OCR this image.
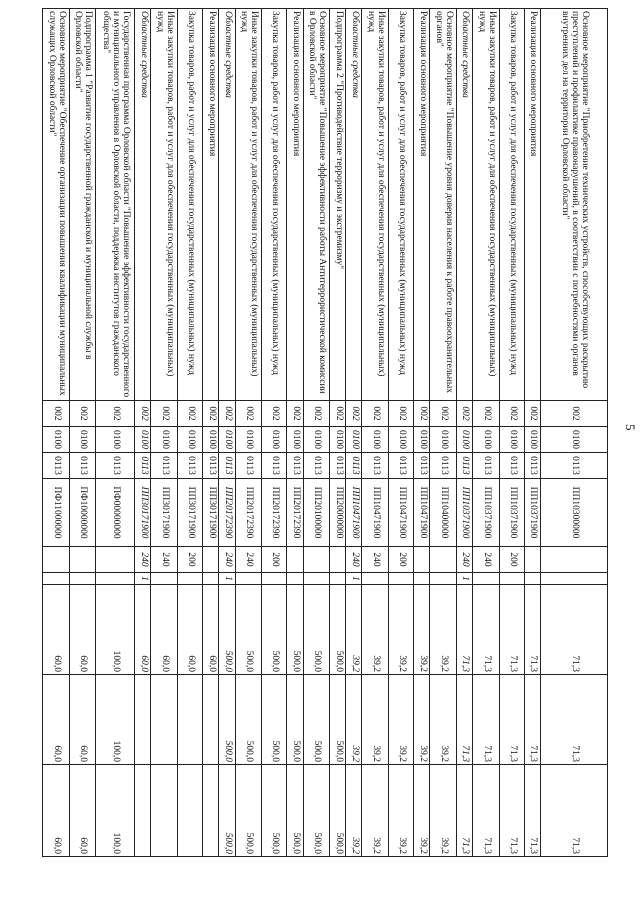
5
Основное мероприятие "Приобретение технических устройств, способствующих раскрытию преступлений и профилактике правонарушений, в соответствии с потребностями органов внутренних дел на территории Орловской области"	002	0100	0113	ПП10300000			71,3	71,3	71,3
Реализация основного мероприятия	002	0100	0113	ПП10371900			71,3	71,3	71,3
Закупка товаров, работ и услуг для обеспечения государственных (муниципальных) нужд	002	0100	0113	ПП10371900	200		71,3	71,3	71,3
Иные закупки товаров, работ и услуг для обеспечения государственных (муниципальных) нужд	002	0100	0113	ПП10371900	240		71,3	71,3	71,3
Областные средства	002	0100	0113	ПП10371900	240	1	71,3	71,3	71,3
Основное мероприятие "Повышение уровня доверия населения к работе правоохранительных органов"	002	0100	0113	ПП10400000			39,2	39,2	39,2
Реализация основного мероприятия	002	0100	0113	ПП10471900			39,2	39,2	39,2
Закупка товаров, работ и услуг для обеспечения государственных (муниципальных) нужд	002	0100	0113	ПП10471900	200		39,2	39,2	39,2
Иные закупки товаров, работ и услуг для обеспечения государственных (муниципальных) нужд	002	0100	0113	ПП10471900	240		39,2	39,2	39,2
Областные средства	002	0100	0113	ПП10471900	240	1	39,2	39,2	39,2
Подпрограмма 2 "Противодействие терроризму и экстремизму"	002	0100	0113	ПП20000000			500,0	500,0	500,0
Основное мероприятие "Повышение эффективности работы Антитеррористической комиссии в Орловской области"	002	0100	0113	ПП20100000			500,0	500,0	500,0
Реализация основного мероприятия	002	0100	0113	ПП20172390			500,0	500,0	500,0
Закупка товаров, работ и услуг для обеспечения государственных (муниципальных) нужд	002	0100	0113	ПП20172390	200		500,0	500,0	500,0
Иные закупки товаров, работ и услуг для обеспечения государственных (муниципальных) нужд	002	0100	0113	ПП20172390	240		500,0	500,0	500,0
Областные средства	002	0100	0113	ПП20172390	240	1	500,0	500,0	500,0
Реализация основного мероприятия	002	0100	0113	ПП30171900			60,0		
Закупка товаров, работ и услуг для обеспечения государственных (муниципальных) нужд	002	0100	0113	ПП30171900	200		60,0		
Иные закупки товаров, работ и услуг для обеспечения государственных (муниципальных) нужд	002	0100	0113	ПП30171900	240		60,0		
Областные средства	002	0100	0113	ПП30171900	240	1	60,0		
Государственная программа Орловской области "Повышение эффективности государственного и муниципального управления в Орловской области, поддержка институтов гражданского общества"	002	0100	0113	ПФ00000000			100,0	100,0	100,0
Подпрограмма 1 "Развитие государственной гражданской и муниципальной службы в Орловской области"	002	0100	0113	ПФ10000000			60,0	60,0	60,0
Основное мероприятие "Обеспечение организации повышения квалификации муниципальных служащих Орловской области"	002	0100	0113	ПФ11000000			60,0	60,0	60,0
